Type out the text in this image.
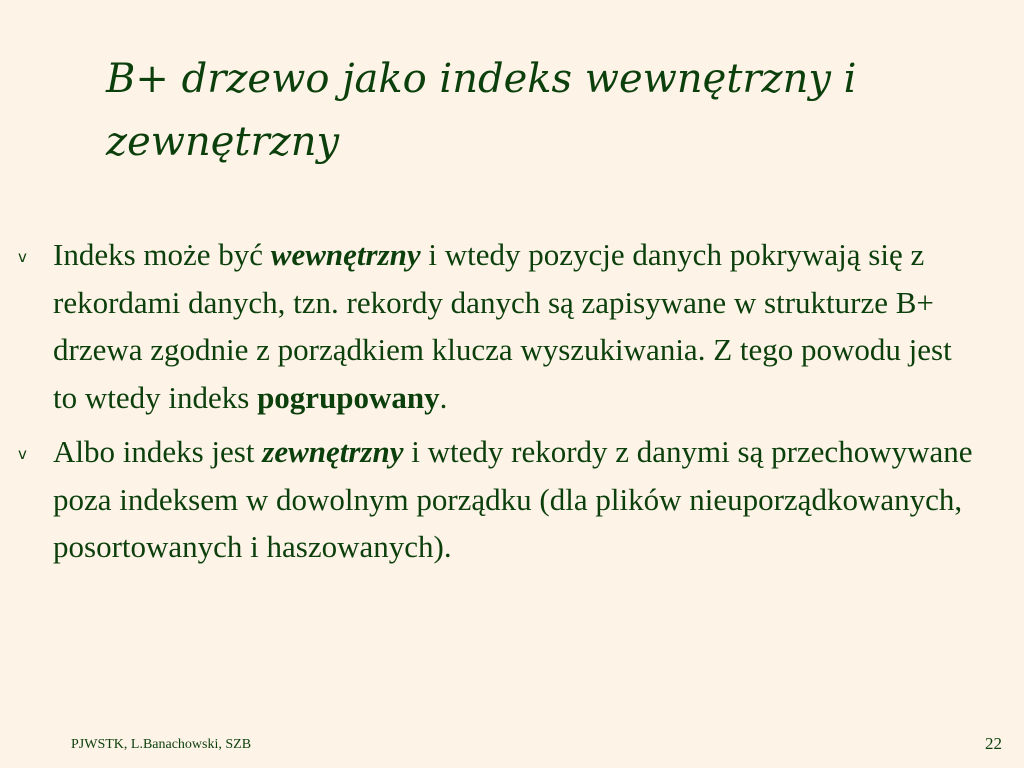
B+ drzewo jako indeks wewnętrzny i zewnętrzny
v Indeks może być wewnętrzny i wtedy pozycje danych pokrywają się z rekordami danych, tzn. rekordy danych są zapisywane w strukturze B+ drzewa zgodnie z porządkiem klucza wyszukiwania. Z tego powodu jest to wtedy indeks pogrupowany.
v Albo indeks jest zewnętrzny i wtedy rekordy z danymi są przechowywane poza indeksem w dowolnym porządku (dla plików nieuporządkowanych, posortowanych i haszowanych).
PJWSTK, L.Banachowski, SZB	22
